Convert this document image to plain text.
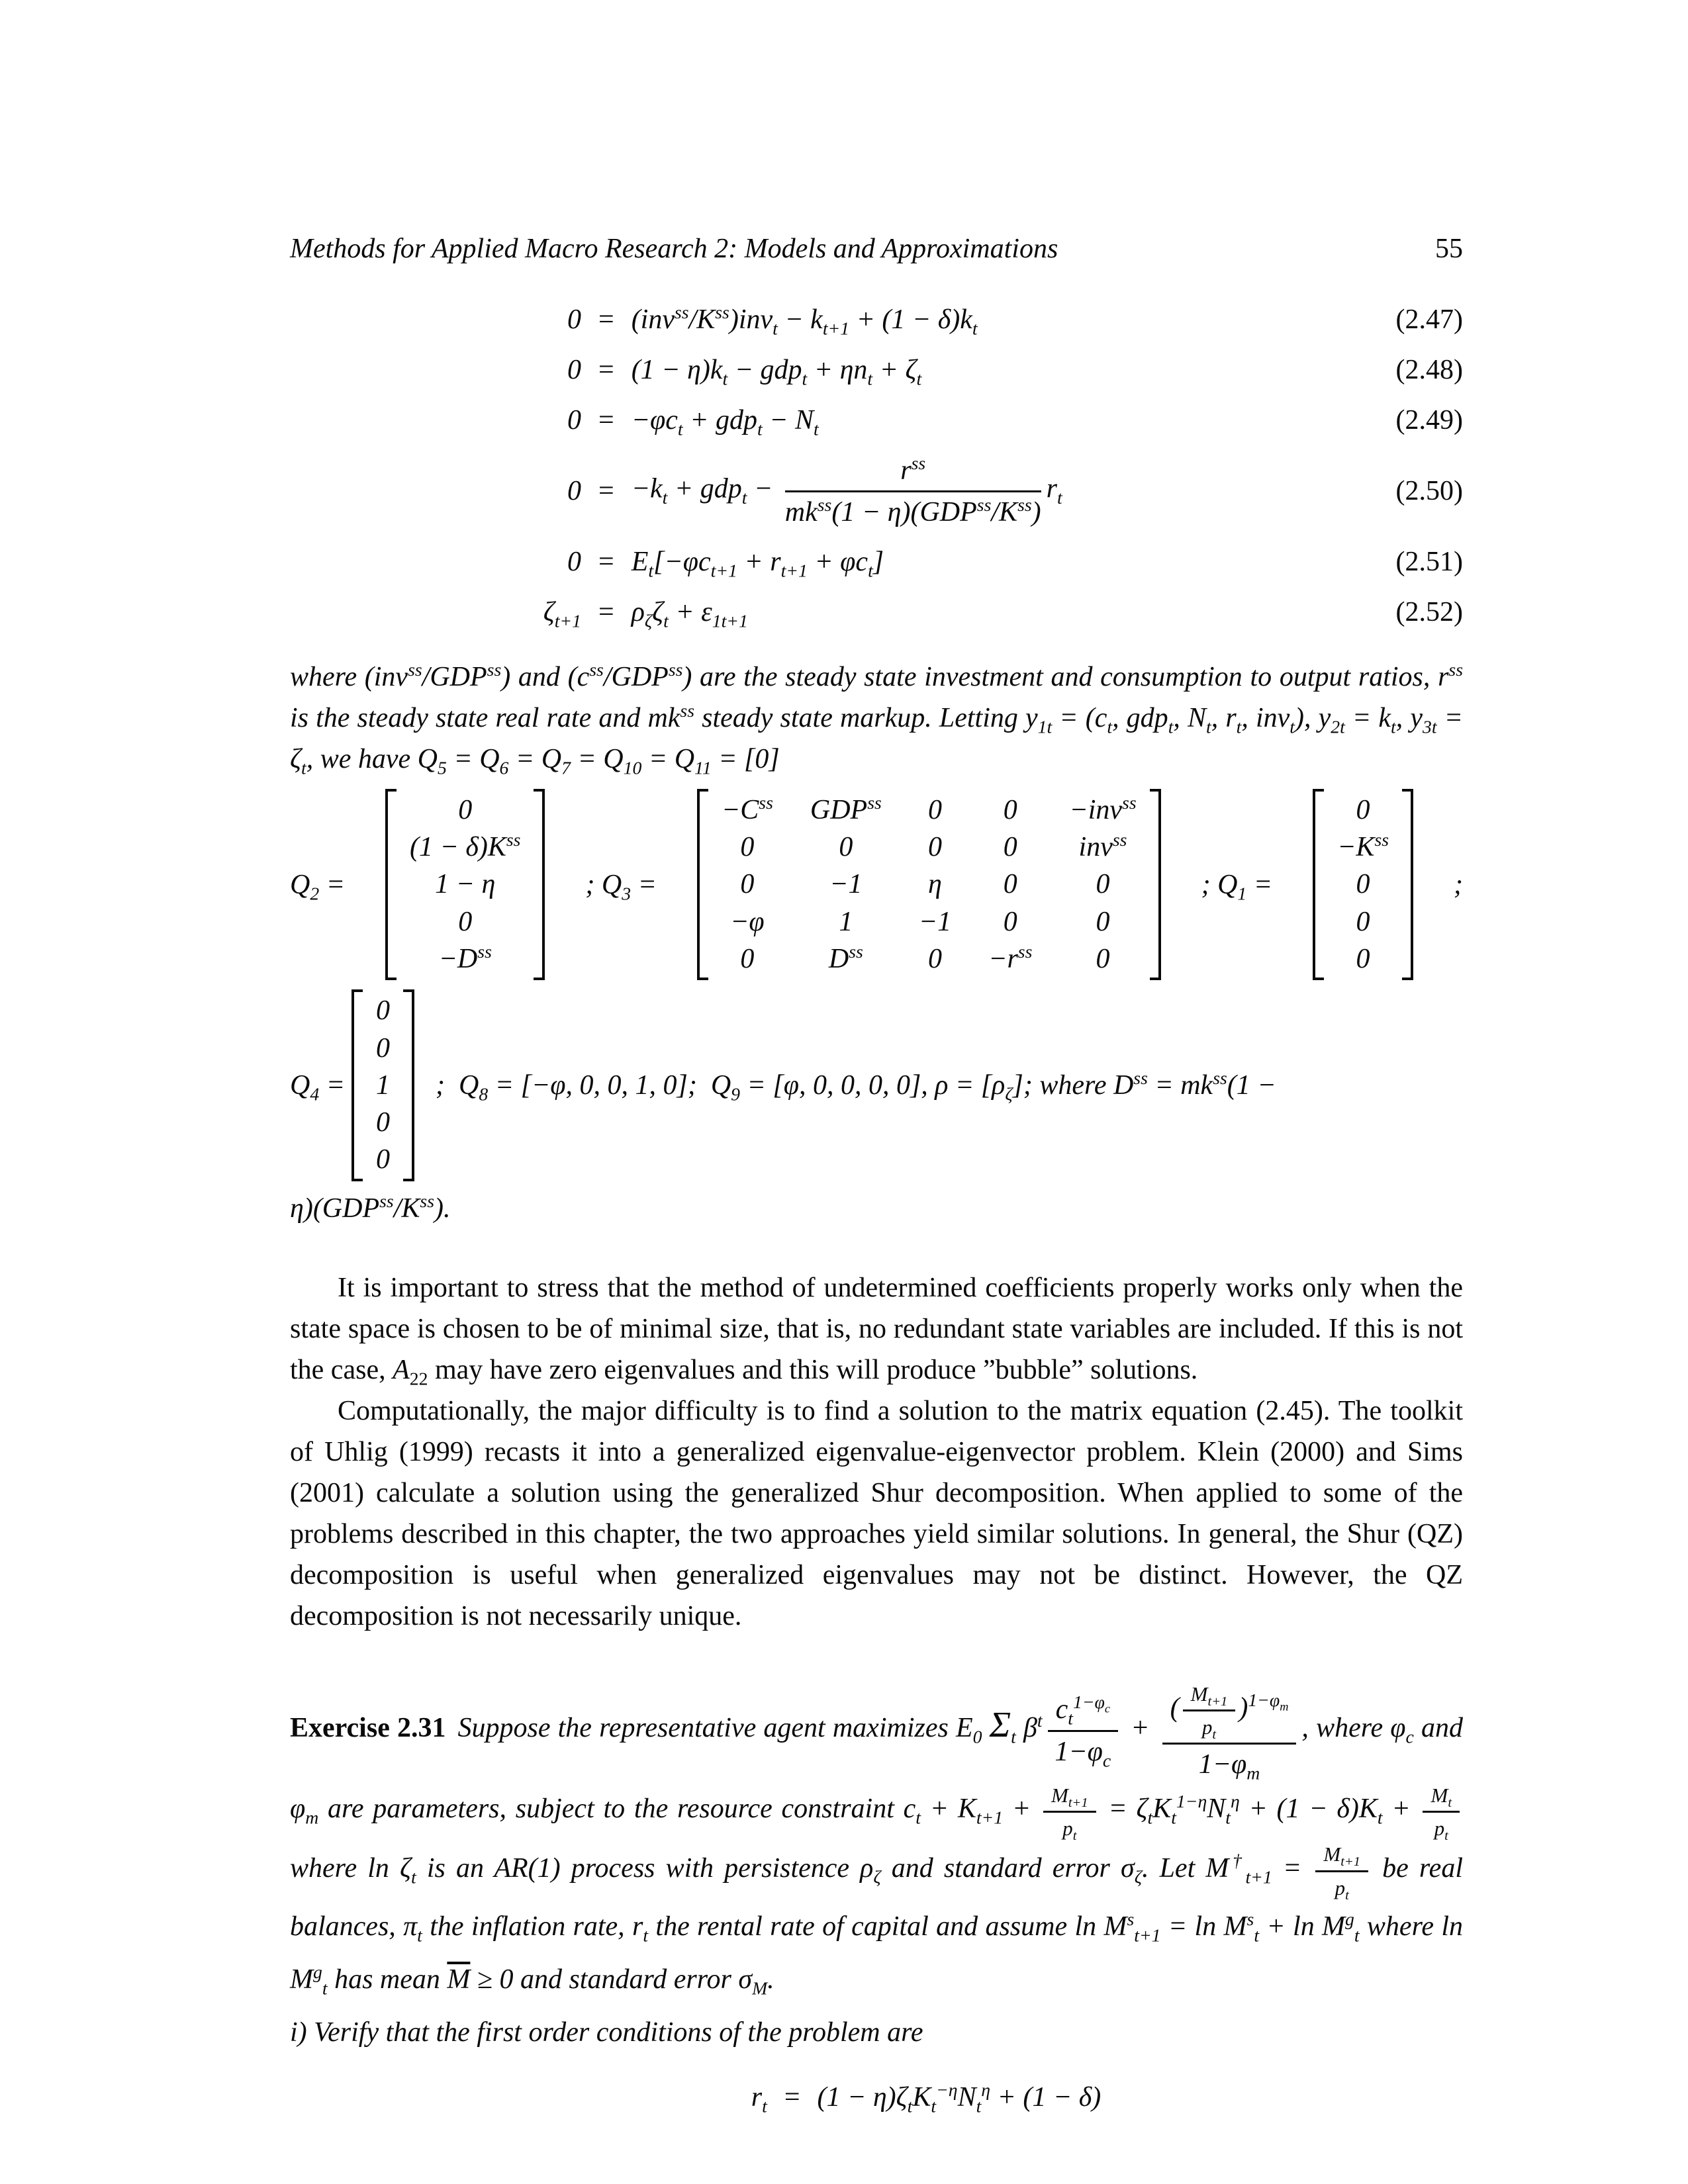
Methods for Applied Macro Research 2: Models and Approximations	55
$0 = (inv^{ss}/K^{ss})inv_t - k_{t+1} + (1 - \delta)k_t$	(2.47)
$0 = (1 - \eta)k_t - gdp_t + \eta n_t + \zeta_t$	(2.48)
$0 = -\varphi c_t + gdp_t - N_t$	(2.49)
$0 = -k_t + gdp_t - \frac{r^{ss}}{mk^{ss}(1 - \eta)(GDP^{ss}/K^{ss})} r_t$	(2.50)
$0 = E_t[-\varphi c_{t+1} + r_{t+1} + \varphi c_t]$	(2.51)
$\zeta_{t+1} = \rho_\zeta\zeta_t + \varepsilon_{1t+1}$	(2.52)

where $(inv^{ss}/GDP^{ss})$ and $(c^{ss}/GDP^{ss})$ are the steady state investment and consumption to output ratios, $r^{ss}$ is the steady state real rate and $mk^{ss}$ steady state markup. Letting $y_{1t} = (c_t$, gdp$_t$, $N_t$, $r_t$, inv$_t$), $y_{2t} = k_t$, $y_{3t} = \zeta_t$, we have $Q_5 = Q_6 = Q_7 = Q_{10} = Q_{11} = [0]$

$Q_2$ =
0
$(1 - \delta)K^{ss}$
1 − η
0
$-D^{ss}$
; $Q_3$ =
$-C^{ss}$ $GDP^{ss}$ 0 0 −inv$^{ss}$
0	0	0 0 inv$^{ss}$
0	−1 η 0	0
−φ	1 −1 0	0
0	$D^{ss}$ $0 -r^{ss}$ 0
; $Q_1$ =
0
$-K^{ss}$
0
0
0
;
$Q_4$ =
0
0
1
0
0
;  $Q_8 = [-\varphi$, 0, 0, 1, 0];  $Q_9 = [\varphi$, 0, 0, 0, 0], $\rho = [\rho_\zeta]$; where $D^{ss} = mk^{ss}(1$ −

$\eta)(GDP^{ss}/K^{ss})$.

It is important to stress that the method of undetermined coefficients properly works only when the state space is chosen to be of minimal size, that is, no redundant state variables are included. If this is not the case, $A_{22}$ may have zero eigenvalues and this will produce ”bubble” solutions.

Computationally, the major difficulty is to find a solution to the matrix equation (2.45). The toolkit of Uhlig (1999) recasts it into a generalized eigenvalue-eigenvector problem. Klein (2000) and Sims (2001) calculate a solution using the generalized Shur decomposition. When applied to some of the problems described in this chapter, the two approaches yield similar solutions. In general, the Shur (QZ) decomposition is useful when generalized eigenvalues may not be distinct. However, the QZ decomposition is not necessarily unique.

Exercise 2.31 Suppose the representative agent maximizes $E_0$ $\Sigma_t$ $\beta^t \frac{c_t^{1-\varphi_c}}{1-\varphi_c} + \frac{( \frac{M_{t+1}}{p_t} )^{1-\varphi_m}}{1-\varphi_m}$ , where $\varphi_c$ and $\varphi_m$ are parameters, subject to the resource constraint $c_t + K_{t+1} + \frac{M_{t+1}}{p_t} = \zeta_tK_t^{1-\eta}N_t^\eta + (1 - \delta)K_t + \frac{M_t}{p_t}$
where $\ln \zeta_t$ is an AR(1) process with persistence $\rho_\zeta$ and standard error $\sigma_\zeta$. Let $M^\dagger_{t+1} = \frac{M_{t+1}}{p_t}$ be real balances, $\pi_t$ the inflation rate, $r_t$ the rental rate of capital and assume $\ln M^s_{t+1} = \ln M^s_t + \ln M^g_t$ where $\ln M^g_t$ has mean $\overline{M} \ge 0$ and standard error $\sigma_M$.
i) Verify that the first order conditions of the problem are

$r_t = (1 - \eta)\zeta_tK_t^{-\eta}N_t^\eta + (1 - \delta)$
